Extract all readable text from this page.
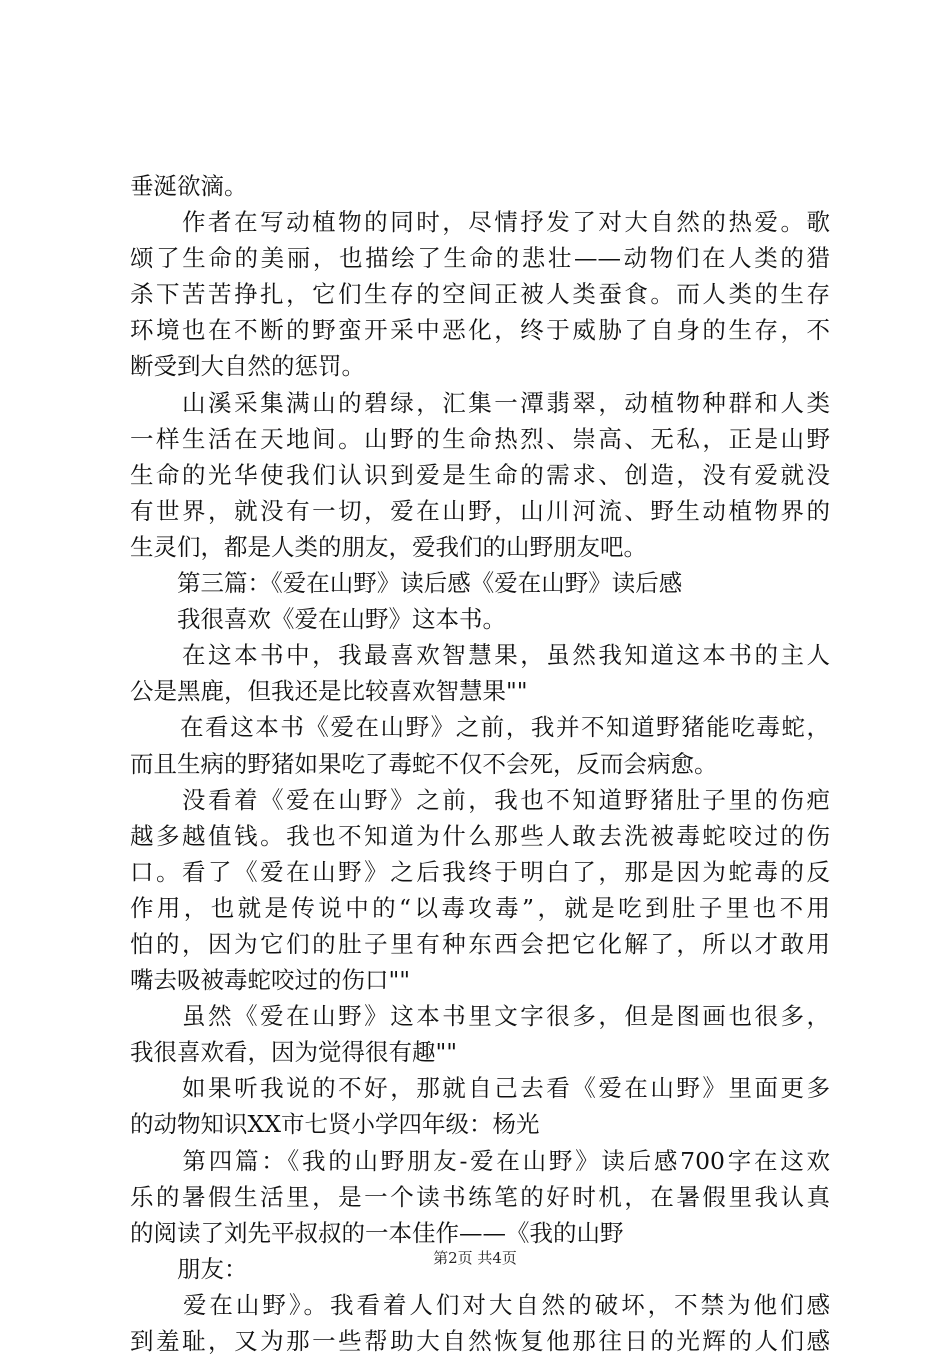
垂涎欲滴。
　　作者在写动植物的同时，尽情抒发了对大自然的热爱。歌
颂了生命的美丽，也描绘了生命的悲壮——动物们在人类的猎
杀下苦苦挣扎，它们生存的空间正被人类蚕食。而人类的生存
环境也在不断的野蛮开采中恶化，终于威胁了自身的生存，不
断受到大自然的惩罚。
　　山溪采集满山的碧绿，汇集一潭翡翠，动植物种群和人类
一样生活在天地间。山野的生命热烈、崇高、无私，正是山野
生命的光华使我们认识到爱是生命的需求、创造，没有爱就没
有世界，就没有一切，爱在山野，山川河流、野生动植物界的
生灵们，都是人类的朋友，爱我们的山野朋友吧。
　　第三篇：《爱在山野》读后感《爱在山野》读后感
　　我很喜欢《爱在山野》这本书。
　　在这本书中，我最喜欢智慧果，虽然我知道这本书的主人
公是黑鹿，但我还是比较喜欢智慧果""
　　在看这本书《爱在山野》之前，我并不知道野猪能吃毒蛇，
而且生病的野猪如果吃了毒蛇不仅不会死，反而会病愈。
　　没看着《爱在山野》之前，我也不知道野猪肚子里的伤疤
越多越值钱。我也不知道为什么那些人敢去洗被毒蛇咬过的伤
口。看了《爱在山野》之后我终于明白了，那是因为蛇毒的反
作用，也就是传说中的“以毒攻毒”，就是吃到肚子里也不用
怕的，因为它们的肚子里有种东西会把它化解了，所以才敢用
嘴去吸被毒蛇咬过的伤口""
　　虽然《爱在山野》这本书里文字很多，但是图画也很多，
我很喜欢看，因为觉得很有趣""
　　如果听我说的不好，那就自己去看《爱在山野》里面更多
的动物知识XX市七贤小学四年级：杨光
　　第四篇：《我的山野朋友-爱在山野》读后感700字在这欢
乐的暑假生活里，是一个读书练笔的好时机，在暑假里我认真
的阅读了刘先平叔叔的一本佳作——《我的山野
　　朋友：
　　爱在山野》。我看着人们对大自然的破坏，不禁为他们感
到羞耻，又为那一些帮助大自然恢复他那往日的光辉的人们感
第2页 共4页
